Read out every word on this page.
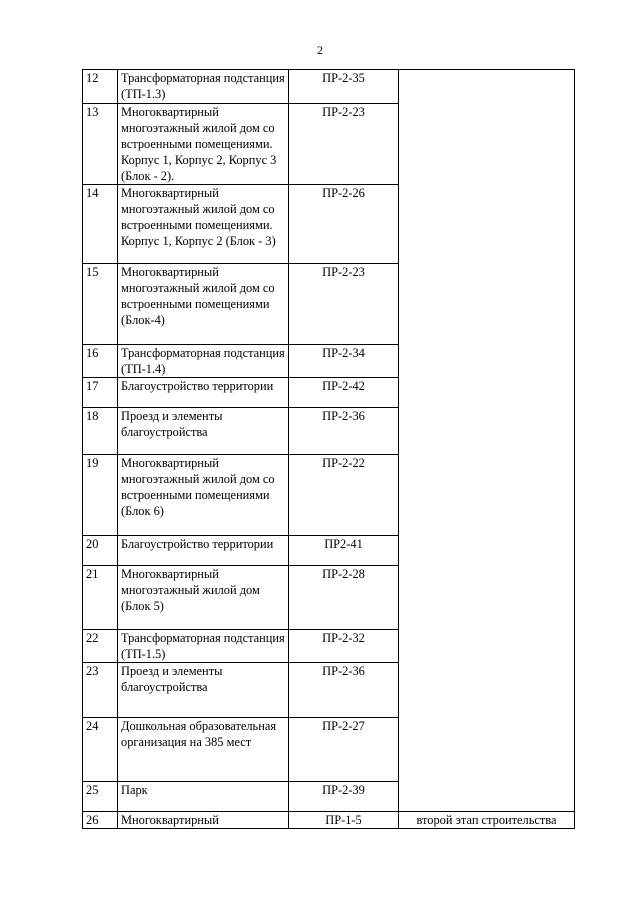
2
12	Трансформаторная подстанция (ТП-1.3)	ПР-2-35	
13	Многоквартирный многоэтажный жилой дом со встроенными помещениями. Корпус 1, Корпус 2, Корпус 3 (Блок - 2).	ПР-2-23	
14	Многоквартирный многоэтажный жилой дом со встроенными помещениями. Корпус 1, Корпус 2 (Блок - 3)	ПР-2-26	
15	Многоквартирный многоэтажный жилой дом со встроенными помещениями (Блок-4)	ПР-2-23	
16	Трансформаторная подстанция (ТП-1.4)	ПР-2-34	
17	Благоустройство территории	ПР-2-42	
18	Проезд и элементы благоустройства	ПР-2-36	
19	Многоквартирный многоэтажный жилой дом со встроенными помещениями (Блок 6)	ПР-2-22	
20	Благоустройство территории	ПР2-41	
21	Многоквартирный многоэтажный жилой дом (Блок 5)	ПР-2-28	
22	Трансформаторная подстанция (ТП-1.5)	ПР-2-32	
23	Проезд и элементы благоустройства	ПР-2-36	
24	Дошкольная образовательная организация на 385 мест	ПР-2-27	
25	Парк	ПР-2-39	
26	Многоквартирный	ПР-1-5	второй этап строительства
